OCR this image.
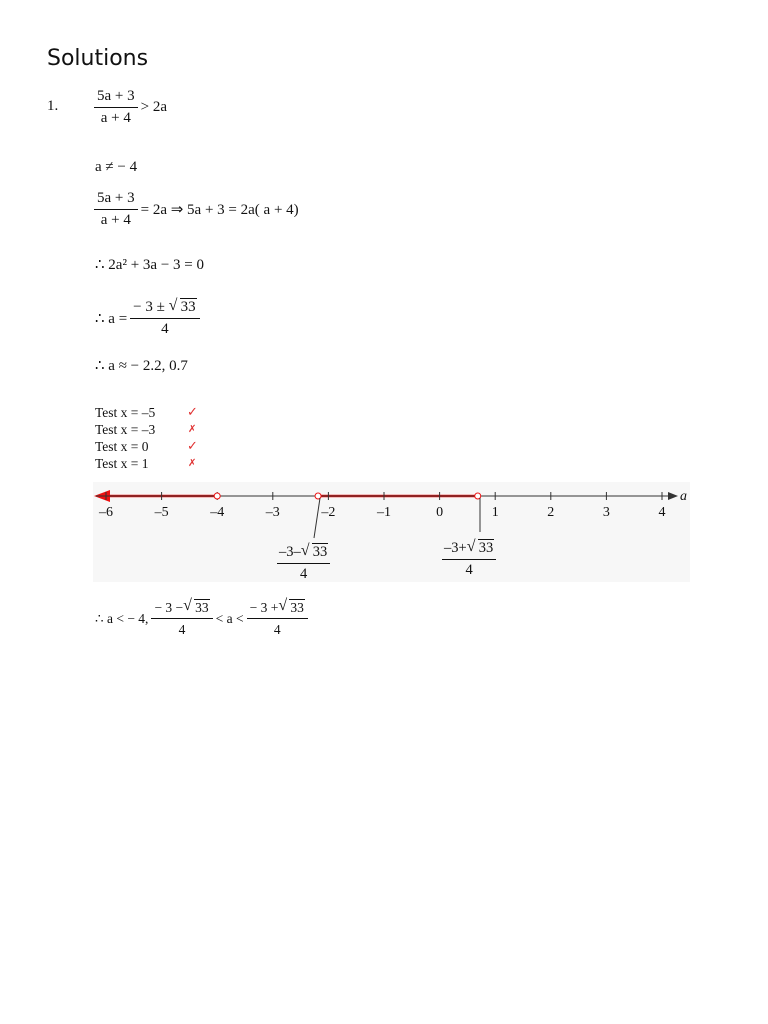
Solutions
1. $\frac{5a + 3}{a + 4} > 2a$
a ≠ − 4
$\frac{5a + 3}{a + 4} = 2a$ ⇒ 5a + 3 = 2a( a + 4)
∴ 2a² + 3a − 3 = 0
∴ $a = \frac{- 3 \pm √ 33}{4}$
∴ a ≈ − 2.2, 0.7
Test x = –5	✓
Test x = –3	✗
Test x = 0	✓
Test x = 1	✗
–6	–5	–4	–3	–2	–1	0	1	2	3	4
a
$\frac{-3- √ 33}{4}$	$\frac{-3+ √ 33}{4}$
∴ a < − 4, $\frac{- 3 - √ 33}{4} < a < \frac{- 3 + √ 33}{4}$
